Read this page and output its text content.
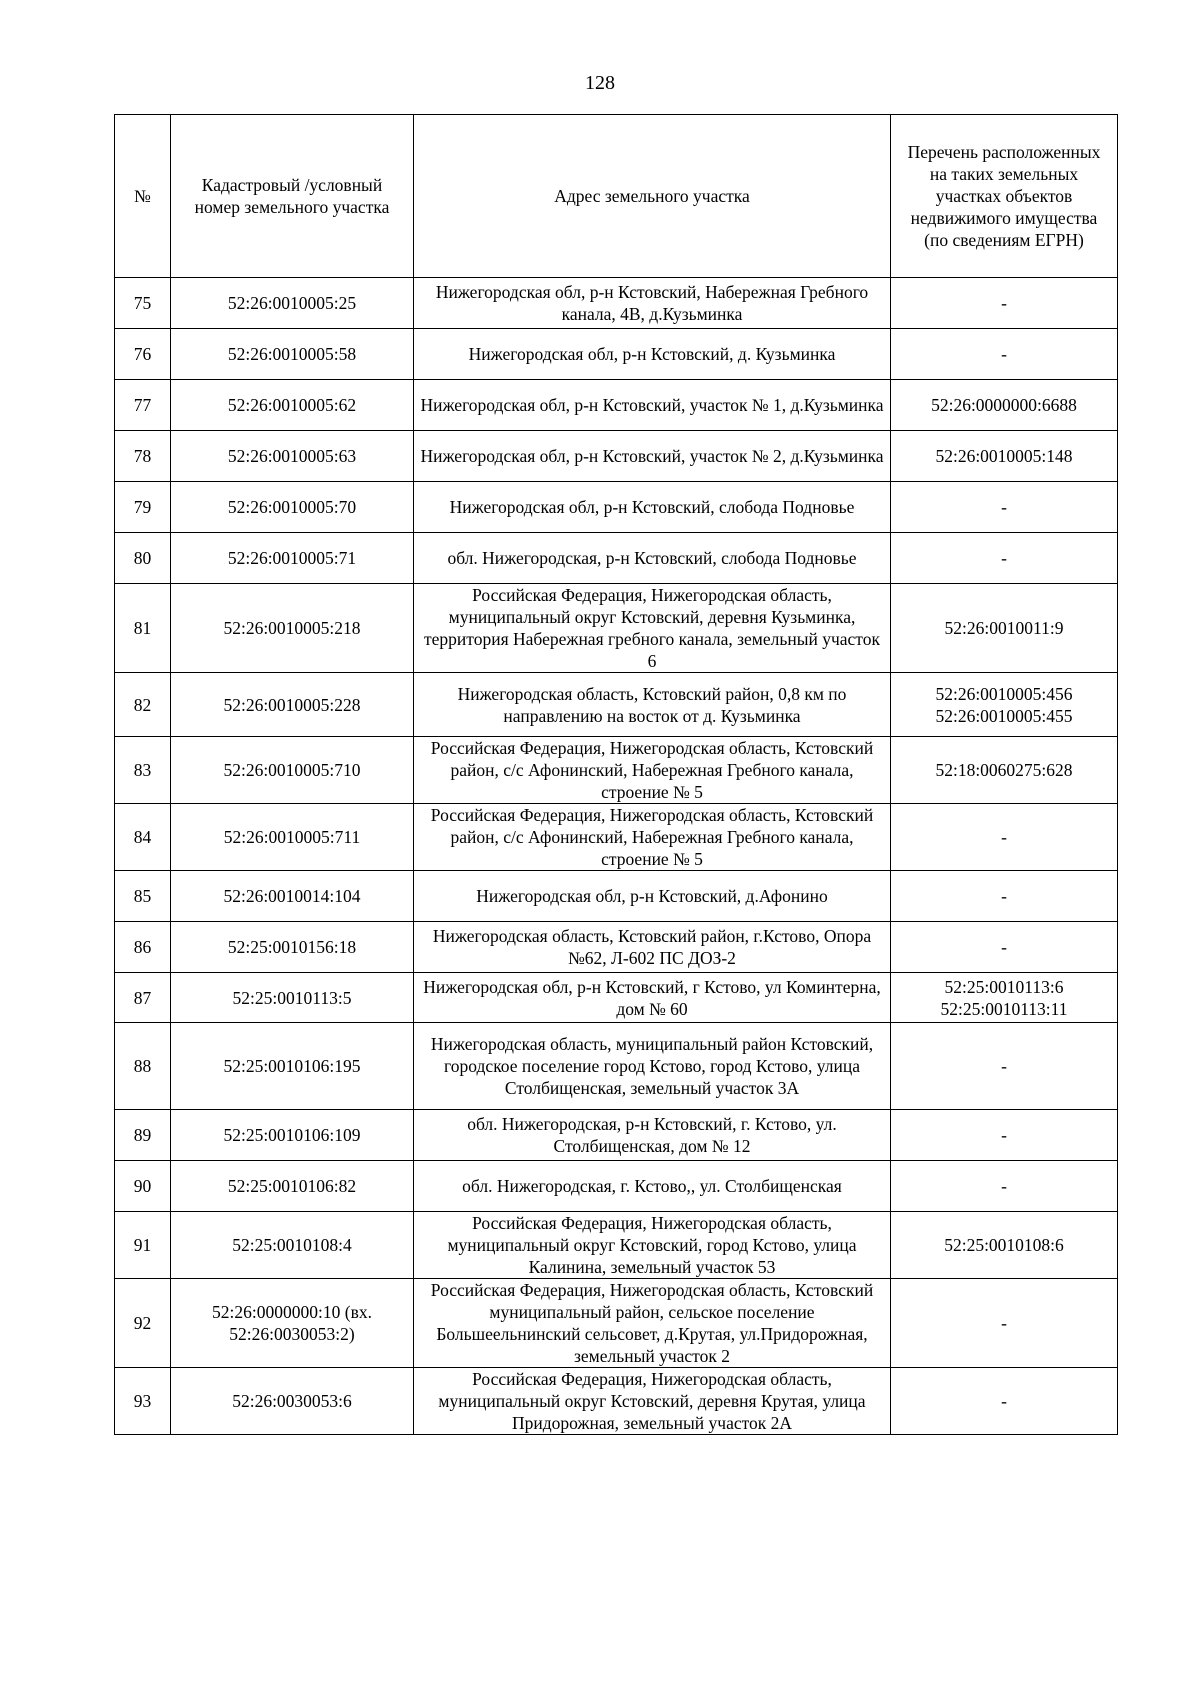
128
№	Кадастровый /условный номер земельного участка	Адрес земельного участка	Перечень расположенных на таких земельных участках объектов недвижимого имущества (по сведениям ЕГРН)
75	52:26:0010005:25	Нижегородская обл, р-н Кстовский, Набережная Гребного канала, 4В, д.Кузьминка	-

76	52:26:0010005:58	Нижегородская обл, р-н Кстовский, д. Кузьминка	-

77	52:26:0010005:62	Нижегородская обл, р-н Кстовский, участок № 1, д.Кузьминка	52:26:0000000:6688

78	52:26:0010005:63	Нижегородская обл, р-н Кстовский, участок № 2, д.Кузьминка	52:26:0010005:148

79	52:26:0010005:70	Нижегородская обл, р-н Кстовский, слобода Подновье	-

80	52:26:0010005:71	обл. Нижегородская, р-н Кстовский, слобода Подновье	-

81	52:26:0010005:218	Российская Федерация, Нижегородская область, муниципальный округ Кстовский, деревня Кузьминка, территория Набережная гребного канала, земельный участок 6	52:26:0010011:9

82	52:26:0010005:228	Нижегородская область, Кстовский район, 0,8 км по направлению на восток от д. Кузьминка	52:26:0010005:456
52:26:0010005:455

83	52:26:0010005:710	Российская Федерация, Нижегородская область, Кстовский район, с/с Афонинский, Набережная Гребного канала, строение № 5	52:18:0060275:628

84	52:26:0010005:711	Российская Федерация, Нижегородская область, Кстовский район, с/с Афонинский, Набережная Гребного канала, строение № 5	-

85	52:26:0010014:104	Нижегородская обл, р-н Кстовский, д.Афонино	-

86	52:25:0010156:18	Нижегородская область, Кстовский район, г.Кстово, Опора №62, Л-602 ПС ДОЗ-2	-

87	52:25:0010113:5	Нижегородская обл, р-н Кстовский, г Кстово, ул Коминтерна, дом № 60	52:25:0010113:6
52:25:0010113:11

88	52:25:0010106:195	Нижегородская область, муниципальный район Кстовский, городское поселение город Кстово, город Кстово, улица Столбищенская, земельный участок 3А	-

89	52:25:0010106:109	обл. Нижегородская, р-н Кстовский, г. Кстово, ул. Столбищенская, дом № 12	-

90	52:25:0010106:82	обл. Нижегородская, г. Кстово,, ул. Столбищенская	-

91	52:25:0010108:4	Российская Федерация, Нижегородская область, муниципальный округ Кстовский, город Кстово, улица Калинина, земельный участок 53	52:25:0010108:6

92	52:26:0000000:10 (вх. 52:26:0030053:2)	Российская Федерация, Нижегородская область, Кстовский муниципальный район, сельское поселение Большеельнинский сельсовет, д.Крутая, ул.Придорожная, земельный участок 2	-

93	52:26:0030053:6	Российская Федерация, Нижегородская область, муниципальный округ Кстовский, деревня Крутая, улица Придорожная, земельный участок 2А	-
